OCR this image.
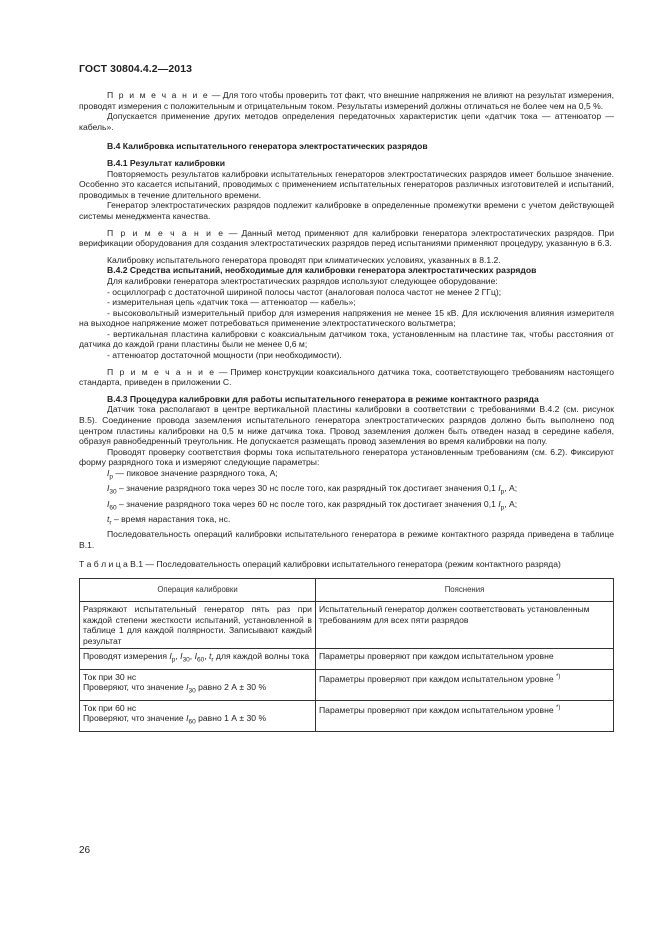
ГОСТ 30804.4.2—2013

П р и м е ч а н и е — Для того чтобы проверить тот факт, что внешние напряжения не влияют на результат измерения, проводят измерения с положительным и отрицательным током. Результаты измерений должны отличаться не более чем на 0,5 %.

Допускается применение других методов определения передаточных характеристик цепи «датчик тока — аттенюатор — кабель».

В.4 Калибровка испытательного генератора электростатических разрядов

В.4.1 Результат калибровки

Повторяемость результатов калибровки испытательных генераторов электростатических разрядов имеет большое значение. Особенно это касается испытаний, проводимых с применением испытательных генераторов различных изготовителей и испытаний, проводимых в течение длительного времени.

Генератор электростатических разрядов подлежит калибровке в определенные промежутки времени с учетом действующей системы менеджмента качества.

П р и м е ч а н и е — Данный метод применяют для калибровки генератора электростатических разрядов. При верификации оборудования для создания электростатических разрядов перед испытаниями применяют процедуру, указанную в 6.3.

Калибровку испытательного генератора проводят при климатических условиях, указанных в 8.1.2.

В.4.2 Средства испытаний, необходимые для калибровки генератора электростатических разрядов

Для калибровки генератора электростатических разрядов используют следующее оборудование:

- осциллограф с достаточной шириной полосы частот (аналоговая полоса частот не менее 2 ГГц);

- измерительная цепь «датчик тока — аттенюатор — кабель»;

- высоковольтный измерительный прибор для измерения напряжения не менее 15 кВ. Для исключения влияния измерителя на выходное напряжение может потребоваться применение электростатического вольтметра;

- вертикальная пластина калибровки с коаксиальным датчиком тока, установленным на пластине так, чтобы расстояния от датчика до каждой грани пластины были не менее 0,6 м;

- аттенюатор достаточной мощности (при необходимости).

П р и м е ч а н и е — Пример конструкции коаксиального датчика тока, соответствующего требованиям настоящего стандарта, приведен в приложении С.

В.4.3 Процедура калибровки для работы испытательного генератора в режиме контактного разряда

Датчик тока располагают в центре вертикальной пластины калибровки в соответствии с требованиями В.4.2 (см. рисунок В.5). Соединение провода заземления испытательного генератора электростатических разрядов должно быть выполнено под центром пластины калибровки на 0,5 м ниже датчика тока. Провод заземления должен быть отведен назад в середине кабеля, образуя равнобедренный треугольник. Не допускается размещать провод заземления во время калибровки на полу.

Проводят проверку соответствия формы тока испытательного генератора установленным требованиям (см. 6.2). Фиксируют форму разрядного тока и измеряют следующие параметры:

$I_p$ — пиковое значение разрядного тока, А;

$I_{30}$ – значение разрядного тока через 30 нс после того, как разрядный ток достигает значения 0,1 $I_p$, А;

$I_{60}$ – значение разрядного тока через 60 нс после того, как разрядный ток достигает значения 0,1 $I_p$, А;

$t_r$ – время нарастания тока, нс.

Последовательность операций калибровки испытательного генератора в режиме контактного разряда приведена в таблице В.1.

Т а б л и ц а В.1 — Последовательность операций калибровки испытательного генератора (режим контактного разряда)

Операция калибровки	Пояснения
Разряжают испытательный генератор пять раз при каждой степени жесткости испытаний, установленной в таблице 1 для каждой полярности. Записывают каждый результат	Испытательный генератор должен соответствовать установленным требованиям для всех пяти разрядов
Проводят измерения $I_p$, $I_{30}$, $I_{60}$, $t_r$ для каждой волны тока	Параметры проверяют при каждом испытательном уровне
Ток при 30 нс
Проверяют, что значение $I_{30}$ равно 2 А ± 30 %	Параметры проверяют при каждом испытательном уровне *)
Ток при 60 нс
Проверяют, что значение $I_{60}$ равно 1 А ± 30 %	Параметры проверяют при каждом испытательном уровне *)
26
